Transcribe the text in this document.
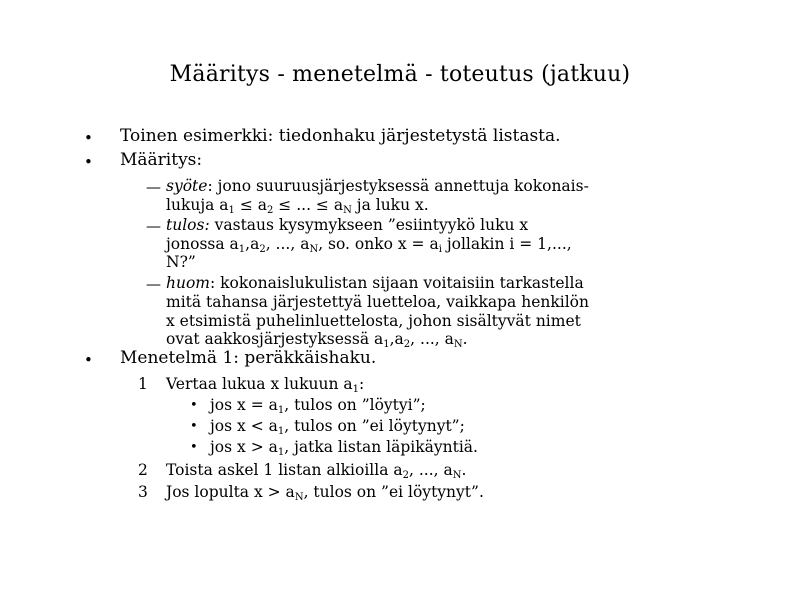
Määritys - menetelmä - toteutus (jatkuu)
• Toinen esimerkki: tiedonhaku järjestetystä listasta.
• Määritys:
— syöte: jono suuruusjärjestyksessä annettuja kokonais-
lukuja $a_1 \le a_2$ ≤ ... ≤ $a_N$ ja luku x.
— tulos: vastaus kysymykseen ”esiintyykö luku x
jonossa $a_1,a_2$, ..., $a_N$, so. onko $x = a_i$ jollakin i = 1,...,
N?”
— huom: kokonaislukulistan sijaan voitaisiin tarkastella
mitä tahansa järjestettyä luetteloa, vaikkapa henkilön
x etsimistä puhelinluettelosta, johon sisältyvät nimet
ovat aakkosjärjestyksessä $a_1,a_2$, ..., $a_N$.
• Menetelmä 1: peräkkäishaku.
1 Vertaa lukua x lukuun $a_1$:
• jos $x = a_1$, tulos on ”löytyi”;
• jos $x < a_1$, tulos on ”ei löytynyt”;
• jos $x > a_1$, jatka listan läpikäyntiä.
2 Toista askel 1 listan alkioilla $a_2$, ..., $a_N$.
3 Jos lopulta $x > a_N$, tulos on ”ei löytynyt”.
